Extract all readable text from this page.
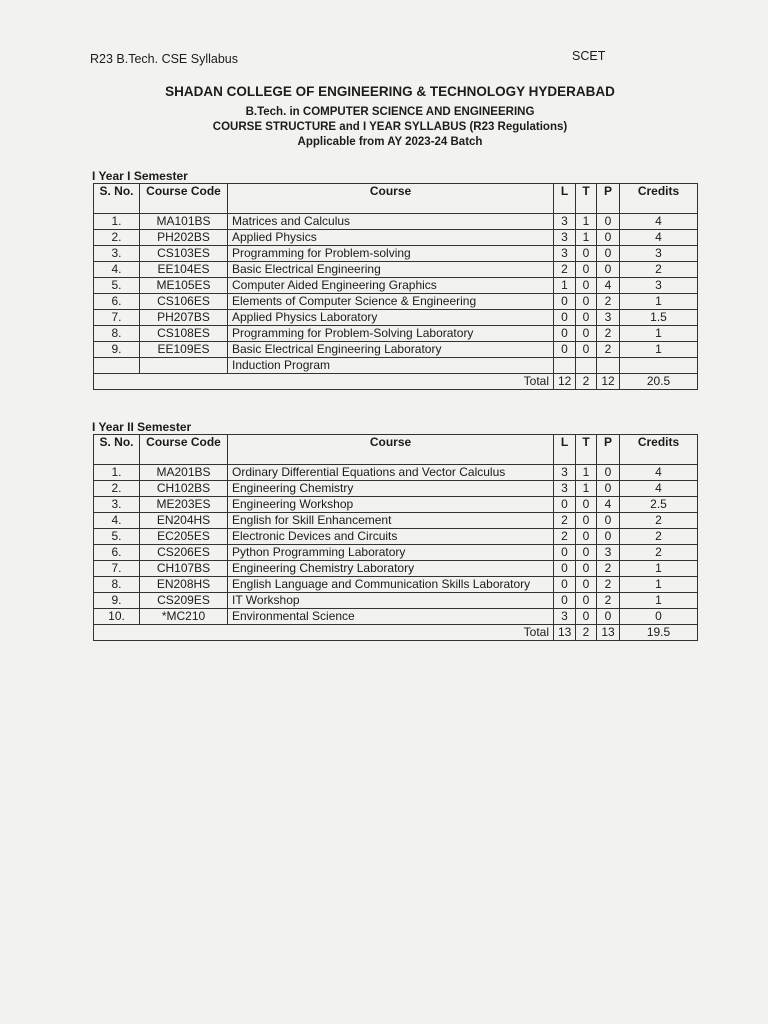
R23 B.Tech. CSE Syllabus	SCET
SHADAN COLLEGE OF ENGINEERING & TECHNOLOGY HYDERABAD
B.Tech. in COMPUTER SCIENCE AND ENGINEERING
COURSE STRUCTURE and I YEAR SYLLABUS (R23 Regulations)
Applicable from AY 2023-24 Batch
I Year I Semester
S. No.	Course Code	Course	L	T	P	Credits
1.	MA101BS	Matrices and Calculus	3	1	0	4
2.	PH202BS	Applied Physics	3	1	0	4
3.	CS103ES	Programming for Problem-solving	3	0	0	3
4.	EE104ES	Basic Electrical Engineering	2	0	0	2
5.	ME105ES	Computer Aided Engineering Graphics	1	0	4	3
6.	CS106ES	Elements of Computer Science & Engineering	0	0	2	1
7.	PH207BS	Applied Physics Laboratory	0	0	3	1.5
8.	CS108ES	Programming for Problem-Solving Laboratory	0	0	2	1
9.	EE109ES	Basic Electrical Engineering Laboratory	0	0	2	1
		Induction Program				
Total			12	2	12	20.5
I Year II Semester
S. No.	Course Code	Course	L	T	P	Credits
1.	MA201BS	Ordinary Differential Equations and Vector Calculus	3	1	0	4
2.	CH102BS	Engineering Chemistry	3	1	0	4
3.	ME203ES	Engineering Workshop	0	0	4	2.5
4.	EN204HS	English for Skill Enhancement	2	0	0	2
5.	EC205ES	Electronic Devices and Circuits	2	0	0	2
6.	CS206ES	Python Programming Laboratory	0	0	3	2
7.	CH107BS	Engineering Chemistry Laboratory	0	0	2	1
8.	EN208HS	English Language and Communication Skills Laboratory	0	0	2	1
9.	CS209ES	IT Workshop	0	0	2	1
10.	*MC210	Environmental Science	3	0	0	0
Total			13	2	13	19.5
